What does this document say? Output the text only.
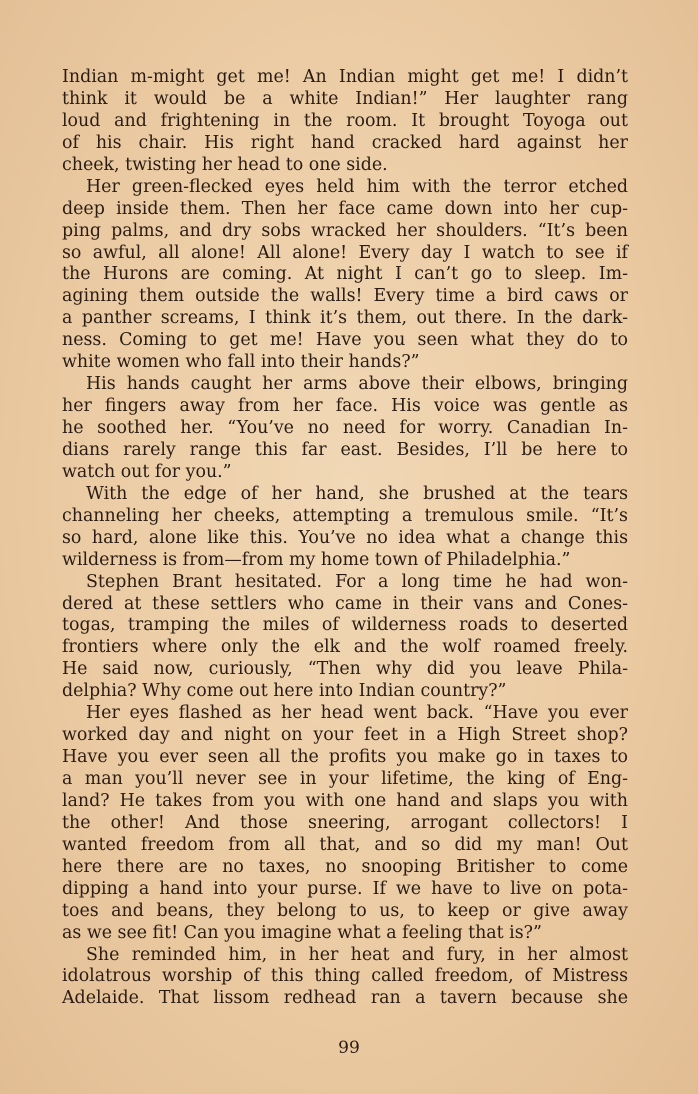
Indian m-might get me! An Indian might get me! I didn’t
think it would be a white Indian!” Her laughter rang
loud and frightening in the room. It brought Toyoga out
of his chair. His right hand cracked hard against her
cheek, twisting her head to one side.
Her green-flecked eyes held him with the terror etched
deep inside them. Then her face came down into her cup-
ping palms, and dry sobs wracked her shoulders. “It’s been
so awful, all alone! All alone! Every day I watch to see if
the Hurons are coming. At night I can’t go to sleep. Im-
agining them outside the walls! Every time a bird caws or
a panther screams, I think it’s them, out there. In the dark-
ness. Coming to get me! Have you seen what they do to
white women who fall into their hands?”
His hands caught her arms above their elbows, bringing
her fingers away from her face. His voice was gentle as
he soothed her. “You’ve no need for worry. Canadian In-
dians rarely range this far east. Besides, I’ll be here to
watch out for you.”
With the edge of her hand, she brushed at the tears
channeling her cheeks, attempting a tremulous smile. “It’s
so hard, alone like this. You’ve no idea what a change this
wilderness is from—from my home town of Philadelphia.”
Stephen Brant hesitated. For a long time he had won-
dered at these settlers who came in their vans and Cones-
togas, tramping the miles of wilderness roads to deserted
frontiers where only the elk and the wolf roamed freely.
He said now, curiously, “Then why did you leave Phila-
delphia? Why come out here into Indian country?”
Her eyes flashed as her head went back. “Have you ever
worked day and night on your feet in a High Street shop?
Have you ever seen all the profits you make go in taxes to
a man you’ll never see in your lifetime, the king of Eng-
land? He takes from you with one hand and slaps you with
the other! And those sneering, arrogant collectors! I
wanted freedom from all that, and so did my man! Out
here there are no taxes, no snooping Britisher to come
dipping a hand into your purse. If we have to live on pota-
toes and beans, they belong to us, to keep or give away
as we see fit! Can you imagine what a feeling that is?”
She reminded him, in her heat and fury, in her almost
idolatrous worship of this thing called freedom, of Mistress
Adelaide. That lissom redhead ran a tavern because she
99
